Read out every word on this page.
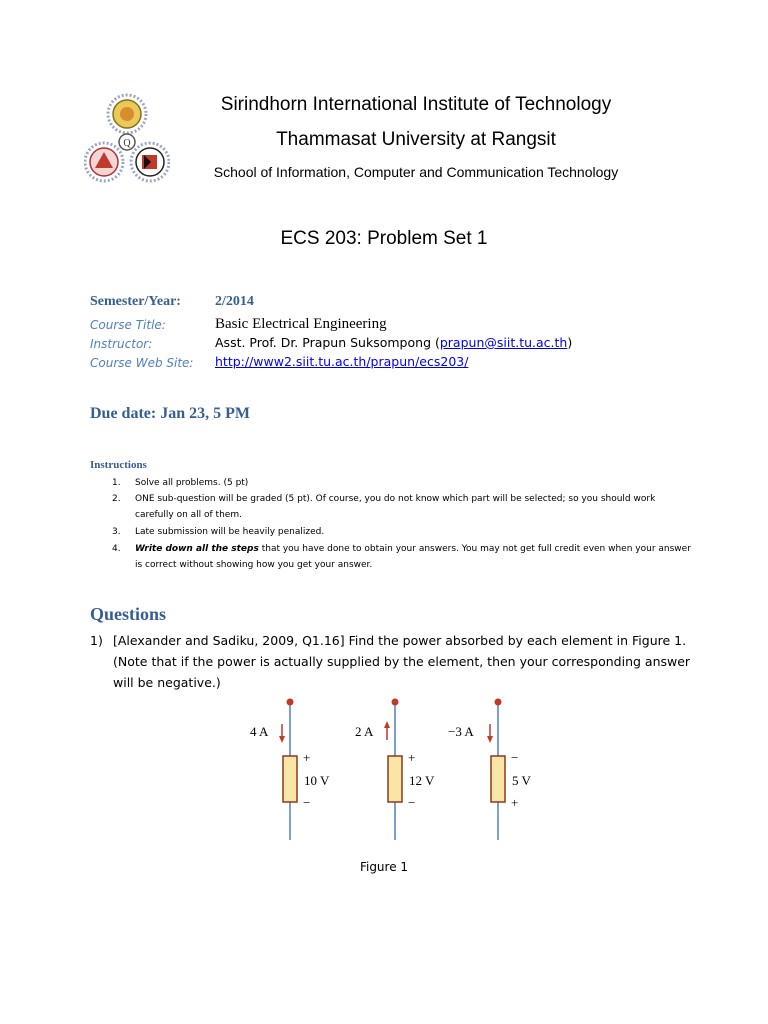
Q
Sirindhorn International Institute of Technology
Thammasat University at Rangsit
School of Information, Computer and Communication Technology
ECS 203: Problem Set 1
Semester/Year: 2/2014
Course Title:	Basic Electrical Engineering
Instructor:	Asst. Prof. Dr. Prapun Suksompong (prapun@siit.tu.ac.th)
Course Web Site: http://www2.siit.tu.ac.th/prapun/ecs203/
Due date: Jan 23, 5 PM
Instructions
1. Solve all problems. (5 pt)
2. ONE sub-question will be graded (5 pt). Of course, you do not know which part will be selected; so you should work carefully on all of them.
3. Late submission will be heavily penalized.
4. Write down all the steps that you have done to obtain your answers. You may not get full credit even when your answer is correct without showing how you get your answer.
Questions
1) [Alexander and Sadiku, 2009, Q1.16] Find the power absorbed by each element in Figure 1. (Note that if the power is actually supplied by the element, then your corresponding answer will be negative.)
4 A
+
10 V
−
2 A
+
12 V
−
−3 A
−
5 V
+
Figure 1
